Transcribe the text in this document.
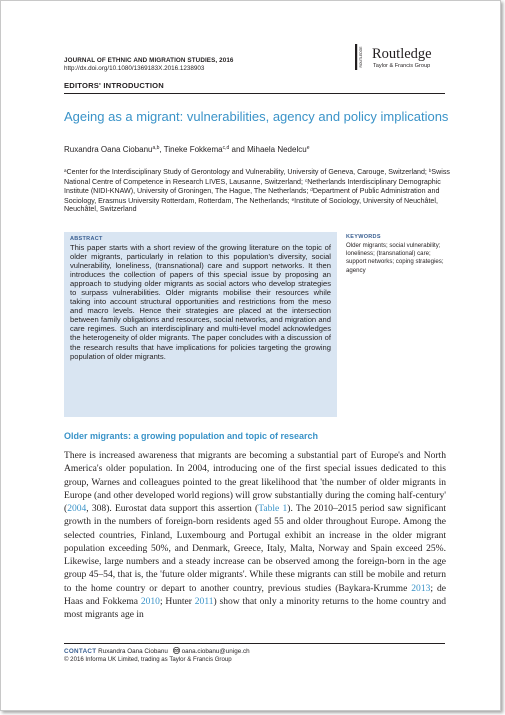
JOURNAL OF ETHNIC AND MIGRATION STUDIES, 2016
http://dx.doi.org/10.1080/1369183X.2016.1238903
ROUTLEDGE Routledge
Taylor & Francis Group
EDITORS' INTRODUCTION
Ageing as a migrant: vulnerabilities, agency and policy implications
Ruxandra Oana Ciobanu$^{a,b}$, Tineke Fokkema$^{c,d}$ and Mihaela Nedelcu$^e$
$^a$Center for the Interdisciplinary Study of Gerontology and Vulnerability, University of Geneva, Carouge, Switzerland; $^b$Swiss National Centre of Competence in Research LIVES, Lausanne, Switzerland; $^c$Netherlands Interdisciplinary Demographic Institute (NIDI-KNAW), University of Groningen, The Hague, The Netherlands; $^d$Department of Public Administration and Sociology, Erasmus University Rotterdam, Rotterdam, The Netherlands; $^e$Institute of Sociology, University of Neuchâtel, Neuchâtel, Switzerland
ABSTRACT
This paper starts with a short review of the growing literature on the topic of older migrants, particularly in relation to this population's diversity, social vulnerability, loneliness, (transnational) care and support networks. It then introduces the collection of papers of this special issue by proposing an approach to studying older migrants as social actors who develop strategies to surpass vulnerabilities. Older migrants mobilise their resources while taking into account structural opportunities and restrictions from the meso and macro levels. Hence their strategies are placed at the intersection between family obligations and resources, social networks, and migration and care regimes. Such an interdisciplinary and multi-level model acknowledges the heterogeneity of older migrants. The paper concludes with a discussion of the research results that have implications for policies targeting the growing population of older migrants.
KEYWORDS
Older migrants; social vulnerability; loneliness; (transnational) care; support networks; coping strategies; agency
Older migrants: a growing population and topic of research
There is increased awareness that migrants are becoming a substantial part of Europe's and North America's older population. In 2004, introducing one of the first special issues dedicated to this group, Warnes and colleagues pointed to the great likelihood that 'the number of older migrants in Europe (and other developed world regions) will grow substantially during the coming half-century' (2004, 308). Eurostat data support this assertion (Table 1). The 2010–2015 period saw significant growth in the numbers of foreign-born residents aged 55 and older throughout Europe. Among the selected countries, Finland, Luxembourg and Portugal exhibit an increase in the older migrant population exceeding 50%, and Denmark, Greece, Italy, Malta, Norway and Spain exceed 25%. Likewise, large numbers and a steady increase can be observed among the foreign-born in the age group 45–54, that is, the 'future older migrants'. While these migrants can still be mobile and return to the home country or depart to another country, previous studies (Baykara-Krumme 2013; de Haas and Fokkema 2010; Hunter 2011) show that only a minority returns to the home country and most migrants age in
CONTACT Ruxandra Oana Ciobanu oana.ciobanu@unige.ch
© 2016 Informa UK Limited, trading as Taylor & Francis Group
